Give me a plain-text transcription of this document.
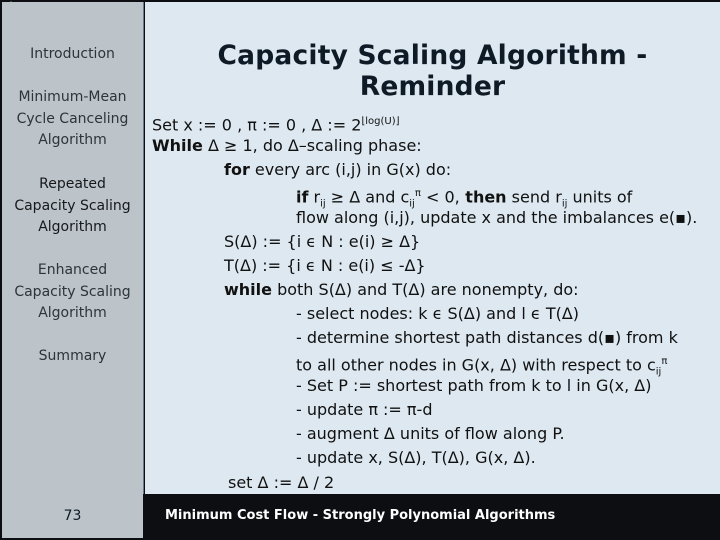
Introduction
Minimum-Mean
Cycle Canceling
Algorithm
Repeated
Capacity Scaling
Algorithm
Enhanced
Capacity Scaling
Algorithm
Summary
Capacity Scaling Algorithm - Reminder
Set x := 0 , π := 0 , Δ := $2^{⌊log(U)⌋}$
While Δ ≥ 1, do Δ–scaling phase:
for every arc (i,j) in G(x) do:
if $r_{ij} \ge \Delta$ and $c_{ij}^\pi < 0$, then send $r_{ij}$ units of
flow along (i,j), update x and the imbalances e(▪).
S(Δ) := {i ϵ N : e(i) ≥ Δ}
T(Δ) := {i ϵ N : e(i) ≤ -Δ}
while both S(Δ) and T(Δ) are nonempty, do:
- select nodes: k ϵ S(Δ) and l ϵ T(Δ)
- determine shortest path distances d(▪) from k
to all other nodes in G(x, Δ) with respect to $c_{ij}^\pi$
- Set P := shortest path from k to l in G(x, Δ)
- update π := π-d
- augment Δ units of flow along P.
- update x, S(Δ), T(Δ), G(x, Δ).
set Δ := Δ / 2
73	Minimum Cost Flow - Strongly Polynomial Algorithms
